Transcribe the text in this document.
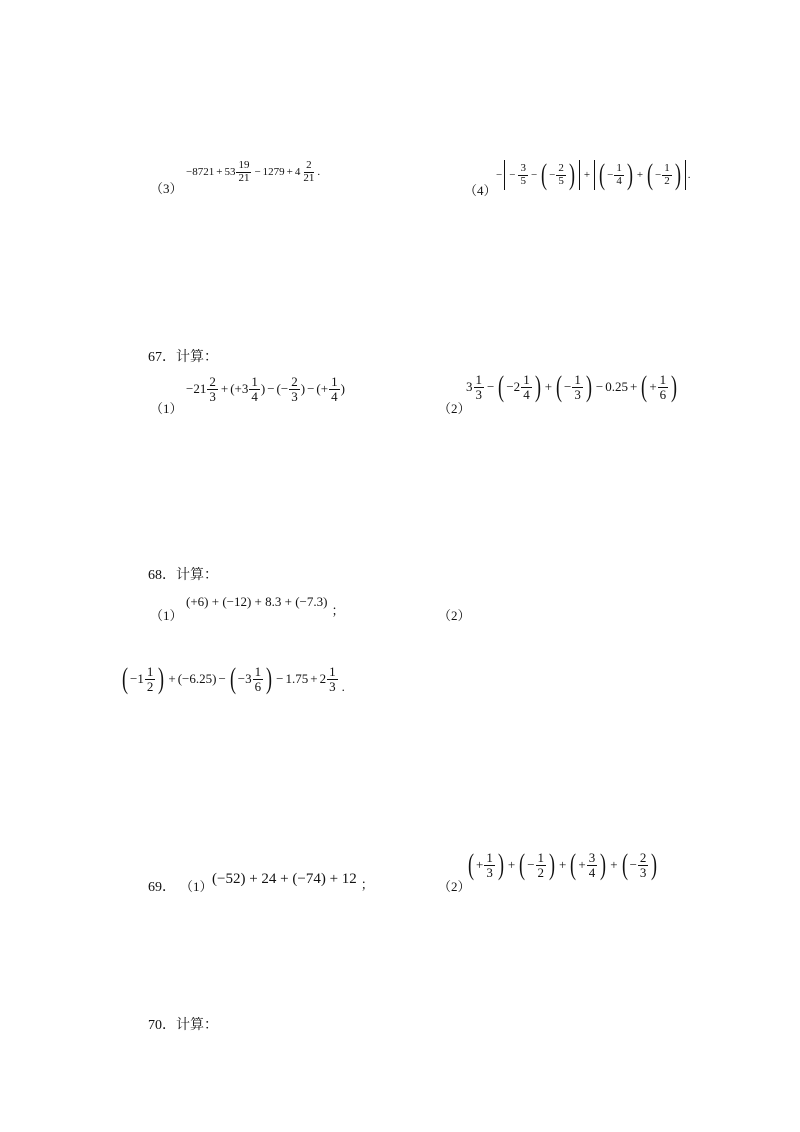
（3）
$-8721 + 53 \frac{19}{21} - 1279 + 4 \frac{2}{21}$ .
（4）
− − $\frac{3}{5}$ − ( − $\frac{2}{5}$ ) + ( − $\frac{1}{4}$ ) + ( − $\frac{1}{2}$ ) .
67．计算：
（1）
$-21 \frac{2}{3} + (+3 \frac{1}{4}$ ) − (− $\frac{2}{3}$ ) − (+ $\frac{1}{4}$ )
（2）
$3 \frac{1}{3}$ − ( $-2 \frac{1}{4}$ ) + ( − $\frac{1}{3}$ ) − 0.25 + ( + $\frac{1}{6}$ )
68．计算：
（1）
(+6) + (−12) + 8.3 + (−7.3)
；	（2）
( $-1 \frac{1}{2}$ ) + (−6.25) − ( $-3 \frac{1}{6}$ ) − $1.75 + 2 \frac{1}{3}$ .
69． （1） (−52) + 24 + (−74) + 12 ；	（2）
( + $\frac{1}{3}$ ) + ( − $\frac{1}{2}$ ) + ( + $\frac{3}{4}$ ) + ( − $\frac{2}{3}$ )
70．计算：
